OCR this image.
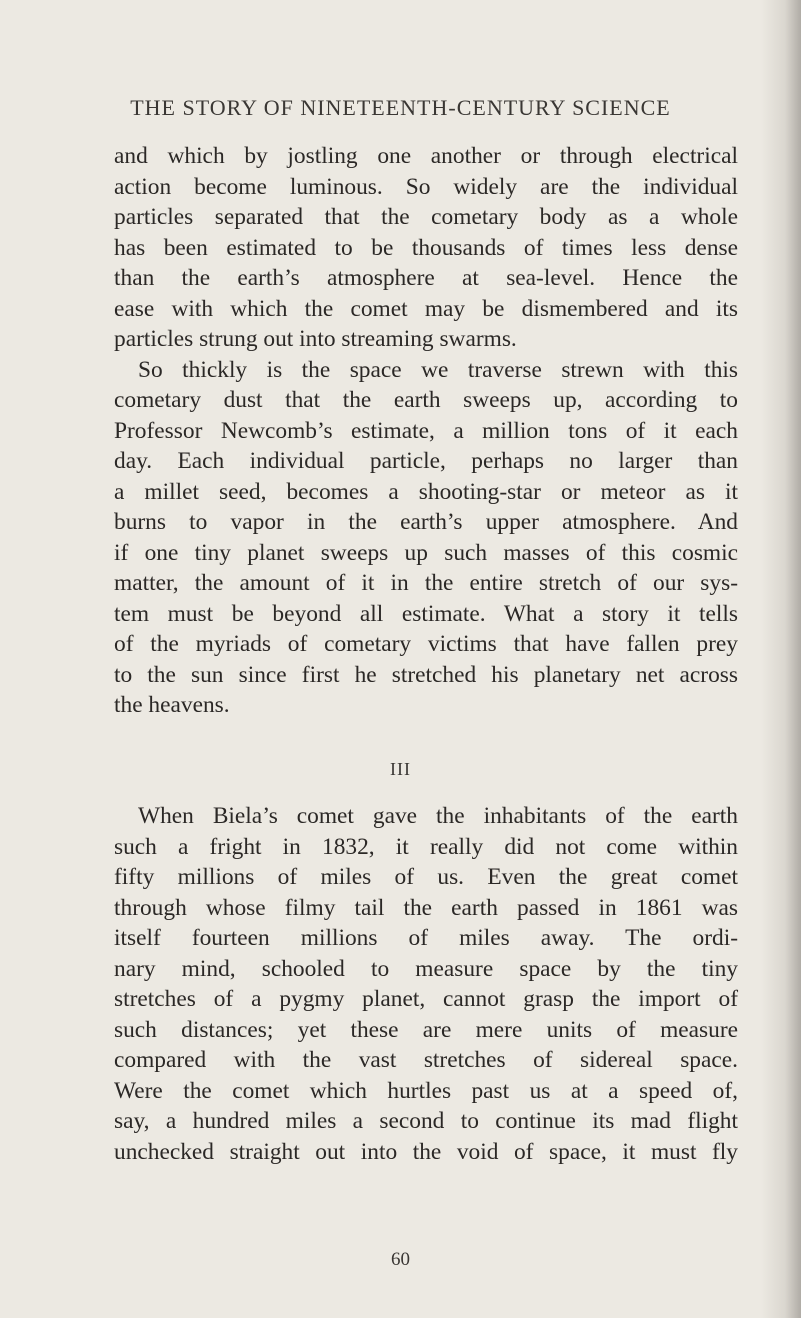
THE STORY OF NINETEENTH-CENTURY SCIENCE
and which by jostling one another or through electrical
action become luminous. So widely are the individual
particles separated that the cometary body as a whole
has been estimated to be thousands of times less dense
than the earth’s atmosphere at sea-level. Hence the
ease with which the comet may be dismembered and its
particles strung out into streaming swarms.
So thickly is the space we traverse strewn with this
cometary dust that the earth sweeps up, according to
Professor Newcomb’s estimate, a million tons of it each
day. Each individual particle, perhaps no larger than
a millet seed, becomes a shooting-star or meteor as it
burns to vapor in the earth’s upper atmosphere. And
if one tiny planet sweeps up such masses of this cosmic
matter, the amount of it in the entire stretch of our sys-
tem must be beyond all estimate. What a story it tells
of the myriads of cometary victims that have fallen prey
to the sun since first he stretched his planetary net across
the heavens.
III
When Biela’s comet gave the inhabitants of the earth
such a fright in 1832, it really did not come within
fifty millions of miles of us. Even the great comet
through whose filmy tail the earth passed in 1861 was
itself fourteen millions of miles away. The ordi-
nary mind, schooled to measure space by the tiny
stretches of a pygmy planet, cannot grasp the import of
such distances; yet these are mere units of measure
compared with the vast stretches of sidereal space.
Were the comet which hurtles past us at a speed of,
say, a hundred miles a second to continue its mad flight
unchecked straight out into the void of space, it must fly
60
